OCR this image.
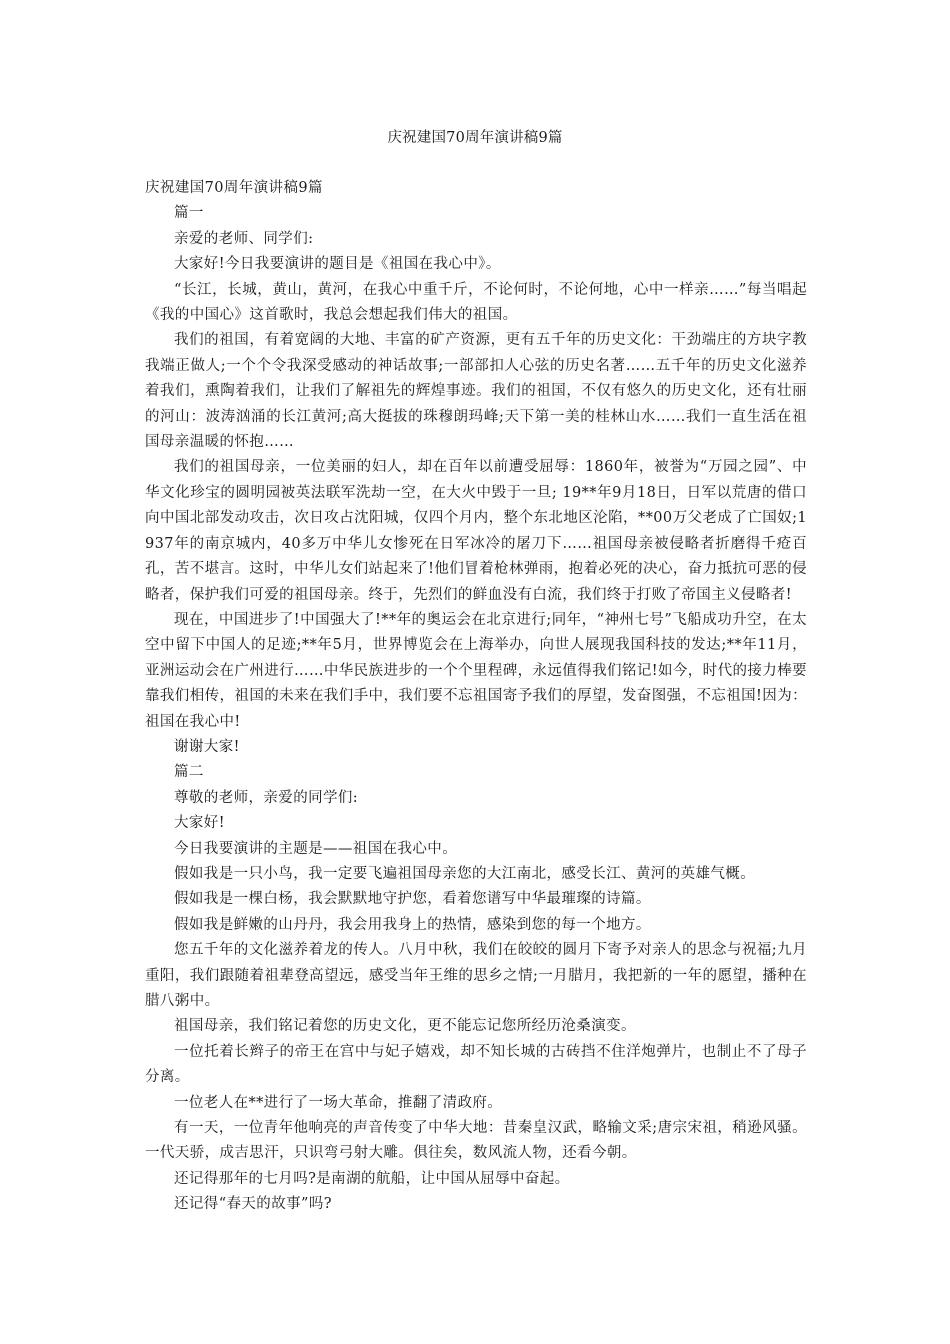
庆祝建国70周年演讲稿9篇

庆祝建国70周年演讲稿9篇

篇一

亲爱的老师、同学们:

大家好!今日我要演讲的题目是《祖国在我心中》。

“长江，长城，黄山，黄河，在我心中重千斤，不论何时，不论何地，心中一样亲……”每当唱起《我的中国心》这首歌时，我总会想起我们伟大的祖国。

我们的祖国，有着宽阔的大地、丰富的矿产资源，更有五千年的历史文化：干劲端庄的方块字教我端正做人;一个个令我深受感动的神话故事;一部部扣人心弦的历史名著……五千年的历史文化滋养着我们，熏陶着我们，让我们了解祖先的辉煌事迹。我们的祖国，不仅有悠久的历史文化，还有壮丽的河山：波涛汹涌的长江黄河;高大挺拔的珠穆朗玛峰;天下第一美的桂林山水……我们一直生活在祖国母亲温暖的怀抱……

我们的祖国母亲，一位美丽的妇人，却在百年以前遭受屈辱：1860年，被誉为“万园之园”、中华文化珍宝的圆明园被英法联军洗劫一空，在大火中毁于一旦; 19**年9月18日，日军以荒唐的借口向中国北部发动攻击，次日攻占沈阳城，仅四个月内，整个东北地区沦陷，**00万父老成了亡国奴;1937年的南京城内，40多万中华儿女惨死在日军冰冷的屠刀下……祖国母亲被侵略者折磨得千疮百孔，苦不堪言。这时，中华儿女们站起来了!他们冒着枪林弹雨，抱着必死的决心，奋力抵抗可恶的侵略者，保护我们可爱的祖国母亲。终于，先烈们的鲜血没有白流，我们终于打败了帝国主义侵略者!

现在，中国进步了!中国强大了!**年的奥运会在北京进行;同年，“神州七号”飞船成功升空，在太空中留下中国人的足迹;**年5月，世界博览会在上海举办，向世人展现我国科技的发达;**年11月，亚洲运动会在广州进行……中华民族进步的一个个里程碑，永远值得我们铭记!如今，时代的接力棒要靠我们相传，祖国的未来在我们手中，我们要不忘祖国寄予我们的厚望，发奋图强，不忘祖国!因为：祖国在我心中!

谢谢大家!

篇二

尊敬的老师，亲爱的同学们:

大家好!

今日我要演讲的主题是——祖国在我心中。

假如我是一只小鸟，我一定要飞遍祖国母亲您的大江南北，感受长江、黄河的英雄气概。

假如我是一棵白杨，我会默默地守护您，看着您谱写中华最璀璨的诗篇。

假如我是鲜嫩的山丹丹，我会用我身上的热情，感染到您的每一个地方。

您五千年的文化滋养着龙的传人。八月中秋，我们在皎皎的圆月下寄予对亲人的思念与祝福;九月重阳，我们跟随着祖辈登高望远，感受当年王维的思乡之情;一月腊月，我把新的一年的愿望，播种在腊八粥中。

祖国母亲，我们铭记着您的历史文化，更不能忘记您所经历沧桑演变。

一位托着长辫子的帝王在宫中与妃子嬉戏，却不知长城的古砖挡不住洋炮弹片，也制止不了母子分离。

一位老人在**进行了一场大革命，推翻了清政府。

有一天，一位青年他响亮的声音传变了中华大地：昔秦皇汉武，略输文采;唐宗宋祖，稍逊风骚。一代天骄，成吉思汗，只识弯弓射大雕。俱往矣，数风流人物，还看今朝。

还记得那年的七月吗?是南湖的航船，让中国从屈辱中奋起。

还记得“春天的故事”吗?
